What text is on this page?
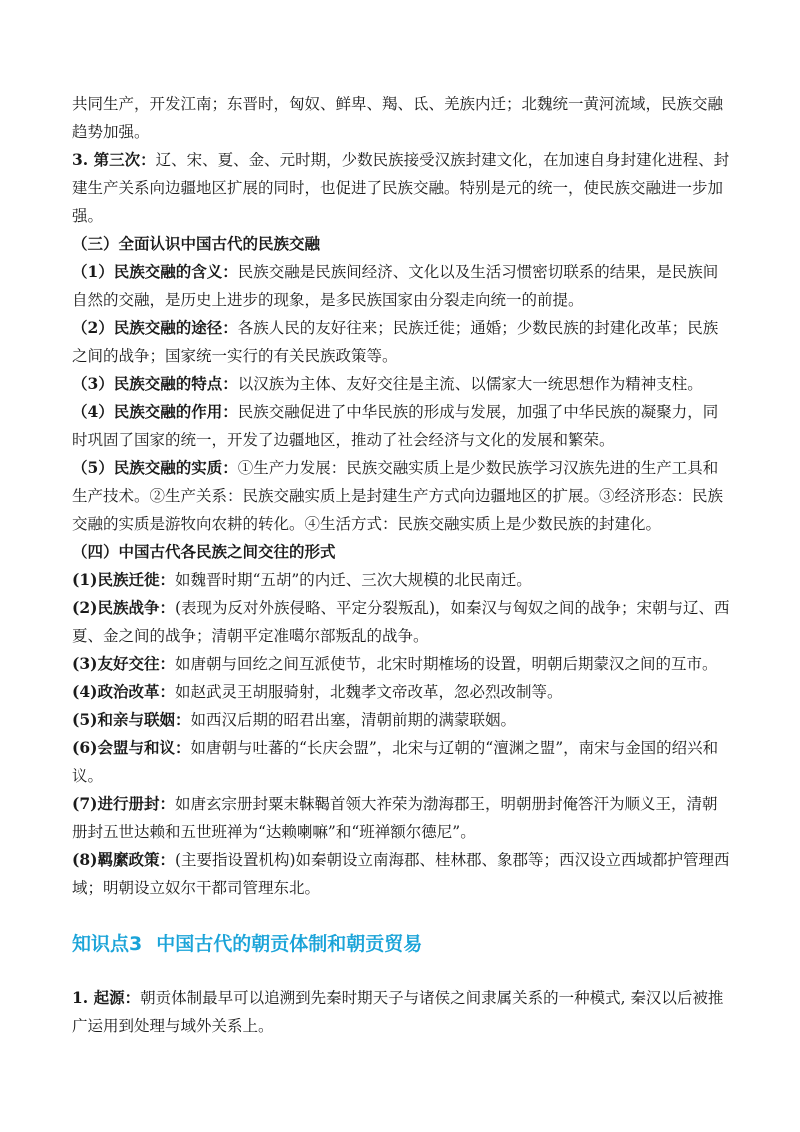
共同生产，开发江南；东晋时，匈奴、鲜卑、羯、氐、羌族内迁；北魏统一黄河流域，民族交融趋势加强。

3. 第三次：辽、宋、夏、金、元时期，少数民族接受汉族封建文化，在加速自身封建化进程、封建生产关系向边疆地区扩展的同时，也促进了民族交融。特别是元的统一，使民族交融进一步加强。

（三）全面认识中国古代的民族交融

（1）民族交融的含义：民族交融是民族间经济、文化以及生活习惯密切联系的结果，是民族间自然的交融，是历史上进步的现象，是多民族国家由分裂走向统一的前提。

（2）民族交融的途径：各族人民的友好往来；民族迁徙；通婚；少数民族的封建化改革；民族之间的战争；国家统一实行的有关民族政策等。

（3）民族交融的特点：以汉族为主体、友好交往是主流、以儒家大一统思想作为精神支柱。

（4）民族交融的作用：民族交融促进了中华民族的形成与发展，加强了中华民族的凝聚力，同时巩固了国家的统一，开发了边疆地区，推动了社会经济与文化的发展和繁荣。

（5）民族交融的实质：①生产力发展：民族交融实质上是少数民族学习汉族先进的生产工具和生产技术。②生产关系：民族交融实质上是封建生产方式向边疆地区的扩展。③经济形态：民族交融的实质是游牧向农耕的转化。④生活方式：民族交融实质上是少数民族的封建化。

（四）中国古代各民族之间交往的形式

(1)民族迁徙：如魏晋时期“五胡”的内迁、三次大规模的北民南迁。

(2)民族战争：(表现为反对外族侵略、平定分裂叛乱)，如秦汉与匈奴之间的战争；宋朝与辽、西夏、金之间的战争；清朝平定准噶尔部叛乱的战争。

(3)友好交往：如唐朝与回纥之间互派使节，北宋时期榷场的设置，明朝后期蒙汉之间的互市。

(4)政治改革：如赵武灵王胡服骑射，北魏孝文帝改革，忽必烈改制等。

(5)和亲与联姻：如西汉后期的昭君出塞，清朝前期的满蒙联姻。

(6)会盟与和议：如唐朝与吐蕃的“长庆会盟”，北宋与辽朝的“澶渊之盟”，南宋与金国的绍兴和议。

(7)进行册封：如唐玄宗册封粟末靺鞨首领大祚荣为渤海郡王，明朝册封俺答汗为顺义王，清朝册封五世达赖和五世班禅为“达赖喇嘛”和“班禅额尔德尼”。

(8)羁縻政策：(主要指设置机构)如秦朝设立南海郡、桂林郡、象郡等；西汉设立西域都护管理西域；明朝设立奴尔干都司管理东北。

知识点3 中国古代的朝贡体制和朝贡贸易

1. 起源：朝贡体制最早可以追溯到先秦时期天子与诸侯之间隶属关系的一种模式, 秦汉以后被推广运用到处理与域外关系上。
